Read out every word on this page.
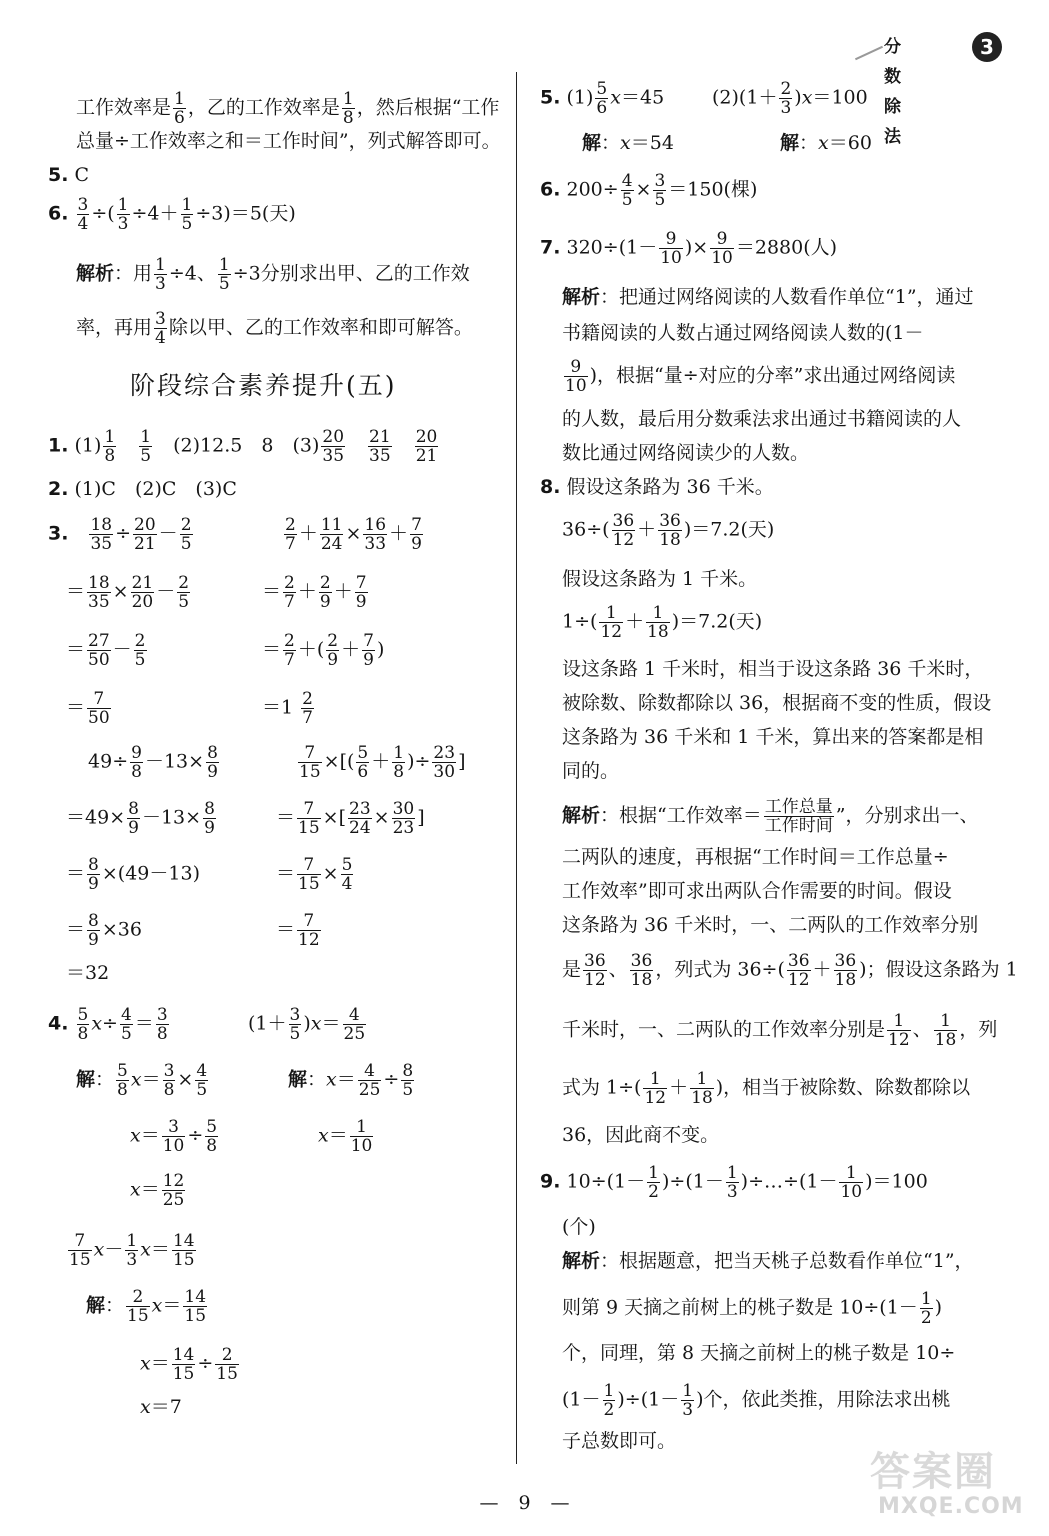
分数除法
3
工作效率是 $\frac{1}{6}$ ，乙的工作效率是 $\frac{1}{8}$ ，然后根据“工作
总量÷工作效率之和＝工作时间”，列式解答即可。
5. C
6. $\frac{3}{4}$ ÷( $\frac{1}{3} \div 4+ \frac{1}{5} \div 3)=5$(天)
解析：用 $\frac{1}{3} \div 4$、 $\frac{1}{5} \div 3$分别求出甲、乙的工作效
率，再用 $\frac{3}{4}$ 除以甲、乙的工作效率和即可解答。
阶段综合素养提升(五)
1. $(1) \frac{1}{8}$
　 $\frac{1}{5}$
　 (2)12.5　 8　 $(3) \frac{20}{35}$
　 $\frac{21}{35}$
　 $\frac{20}{21}$
2. (1)C　(2)C　(3)C
3.　 $\frac{18}{35} \div \frac{20}{21} - \frac{2}{5}$
＝ $\frac{18}{35} \times \frac{21}{20} - \frac{2}{5}$
＝ $\frac{27}{50} - \frac{2}{5}$
＝ $\frac{7}{50}$
$\frac{2}{7} + \frac{11}{24} \times \frac{16}{33} + \frac{7}{9}$
＝ $\frac{2}{7} + \frac{2}{9} + \frac{7}{9}$
＝ $\frac{2}{7}$ ＋( $\frac{2}{9} + \frac{7}{9}$ )
$=1 \frac{2}{7}$
$49\div \frac{9}{8} -13\times \frac{8}{9}$
$=49\times \frac{8}{9} -13\times \frac{8}{9}$
＝ $\frac{8}{9} \times(49-13)$
＝ $\frac{8}{9} \times 36$
＝32
$\frac{7}{15}$ ×[( $\frac{5}{6} + \frac{1}{8}$ )÷ $\frac{23}{30}$ ]
＝ $\frac{7}{15}$ ×[ $\frac{23}{24} \times \frac{30}{23}$ ]
＝ $\frac{7}{15} \times \frac{5}{4}$
＝ $\frac{7}{12}$
4. $\frac{5}{8} x\div \frac{4}{5} = \frac{3}{8}$
解： $\frac{5}{8} x= \frac{3}{8} \times \frac{4}{5}$
$x= \frac{3}{10} \div \frac{5}{8}$
$x= \frac{12}{25}$
$(1+ \frac{3}{5} )x= \frac{4}{25}$
解：$x= \frac{4}{25} \div \frac{8}{5}$
$x= \frac{1}{10}$
$\frac{7}{15} x- \frac{1}{3} x= \frac{14}{15}$
解： $\frac{2}{15} x= \frac{14}{15}$
$x= \frac{14}{15} \div \frac{2}{15}$
x＝7
5. $(1) \frac{5}{6} x=45$	$(2)(1+ \frac{2}{3} )x=100$
解：x＝54	解：x＝60
6. $200\div \frac{4}{5} \times \frac{3}{5} =150$(棵)
7. $320\div(1- \frac{9}{10}$ )× $\frac{9}{10} =2880$(人)
解析：把通过网络阅读的人数看作单位“1”，通过
书籍阅读的人数占通过网络阅读人数的(1－
$\frac{9}{10}$ )，根据“量÷对应的分率”求出通过网络阅读
的人数，最后用分数乘法求出通过书籍阅读的人
数比通过网络阅读少的人数。
8. 假设这条路为 36 千米。
$36\div( \frac{36}{12} + \frac{36}{18} )=7.2$(天)
假设这条路为 1 千米。
$1\div( \frac{1}{12} + \frac{1}{18} )=7.2$(天)
设这条路 1 千米时，相当于设这条路 36 千米时，
被除数、除数都除以 36，根据商不变的性质，假设
这条路为 36 千米和 1 千米，算出来的答案都是相
同的。
解析：根据“工作效率＝ 工作总量
工作时间 ”，分别求出一、
二两队的速度，再根据“工作时间＝工作总量÷
工作效率”即可求出两队合作需要的时间。假设
这条路为 36 千米时，一、二两队的工作效率分别
是 $\frac{36}{12}$ 、 $\frac{36}{18}$ ，列式为 $36\div( \frac{36}{12} + \frac{36}{18}$ )；假设这条路为 1
千米时，一、二两队的工作效率分别是 $\frac{1}{12}$ 、 $\frac{1}{18}$ ，列
式为 $1\div( \frac{1}{12} + \frac{1}{18}$ )，相当于被除数、除数都除以
36，因此商不变。
9. $10\div(1- \frac{1}{2} )\div(1- \frac{1}{3}$ )÷…÷(1－ $\frac{1}{10} )=100$
(个)
解析：根据题意，把当天桃子总数看作单位“1”，
则第 9 天摘之前树上的桃子数是 $10\div(1- \frac{1}{2}$ )
个，同理，第 8 天摘之前树上的桃子数是 10÷
$(1- \frac{1}{2} )\div(1- \frac{1}{3}$ )个，依此类推，用除法求出桃
子总数即可。
— 9 —
答案圈
MXQE.COM
